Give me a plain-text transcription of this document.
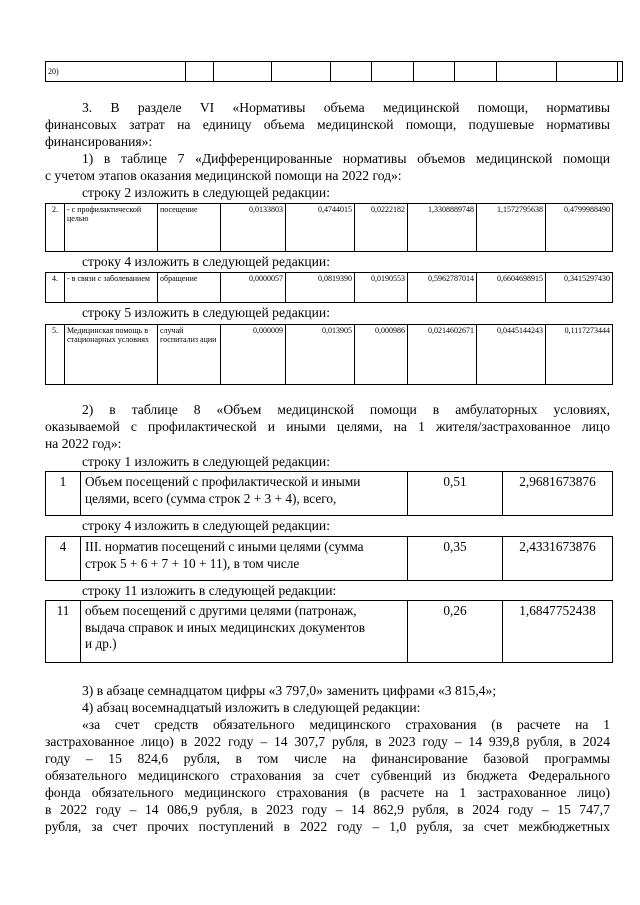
20)										
3. В разделе VI «Нормативы объема медицинской помощи, нормативы
финансовых затрат на единицу объема медицинской помощи, подушевые нормативы
финансирования»:
1) в таблице 7 «Дифференцированные нормативы объемов медицинской помощи
с учетом этапов оказания медицинской помощи на 2022 год»:
строку 2 изложить в следующей редакции:
2.	- с профилактической целью	посещение	0,0133803	0,4744015	0,0222182	1,3308889748	1,1572795638	0,4799988490
строку 4 изложить в следующей редакции:
4.	- в связи с заболеванием	обращение	0,0000057	0,0819390	0,0190553	0,5962787014	0,6604698915	0,3415297430
строку 5 изложить в следующей редакции:
5.	Медицинская помощь в стационарных условиях	случай госпитализ ации	0,000009	0,013905	0,000986	0,0214602671	0,0445144243	0,1117273444
2) в таблице 8 «Объем медицинской помощи в амбулаторных условиях,
оказываемой с профилактической и иными целями, на 1 жителя/застрахованное лицо
на 2022 год»:
строку 1 изложить в следующей редакции:
1	Объем посещений с профилактической и иными
целями, всего (сумма строк 2 + 3 + 4), всего,
	0,51	2,9681673876
строку 4 изложить в следующей редакции:
4	III. норматив посещений с иными целями (сумма
строк 5 + 6 + 7 + 10 + 11), в том числе
	0,35	2,4331673876
строку 11 изложить в следующей редакции:
11	объем посещений с другими целями (патронаж,
выдача справок и иных медицинских документов
и др.)
	0,26	1,6847752438
3) в абзаце семнадцатом цифры «3 797,0» заменить цифрами «3 815,4»;
4) абзац восемнадцатый изложить в следующей редакции:
«за счет средств обязательного медицинского страхования (в расчете на 1
застрахованное лицо) в 2022 году – 14 307,7 рубля, в 2023 году – 14 939,8 рубля, в 2024
году – 15 824,6 рубля, в том числе на финансирование базовой программы
обязательного медицинского страхования за счет субвенций из бюджета Федерального
фонда обязательного медицинского страхования (в расчете на 1 застрахованное лицо)
в 2022 году – 14 086,9 рубля, в 2023 году – 14 862,9 рубля, в 2024 году – 15 747,7
рубля, за счет прочих поступлений в 2022 году – 1,0 рубля, за счет межбюджетных
